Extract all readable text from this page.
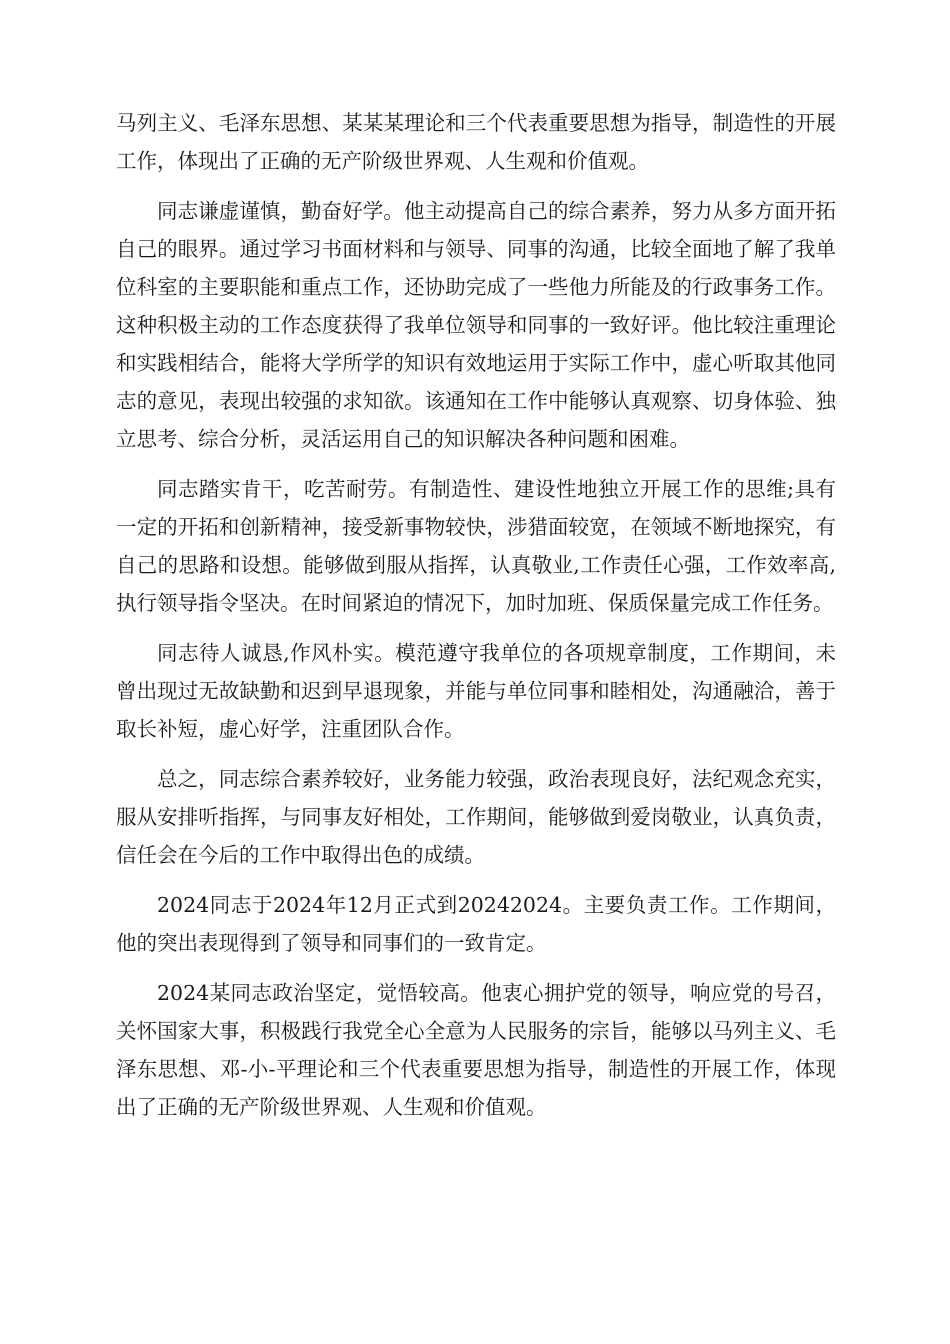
马列主义、毛泽东思想、某某某理论和三个代表重要思想为指导，制造性的开展工作，体现出了正确的无产阶级世界观、人生观和价值观。

同志谦虚谨慎，勤奋好学。他主动提高自己的综合素养，努力从多方面开拓自己的眼界。通过学习书面材料和与领导、同事的沟通，比较全面地了解了我单位科室的主要职能和重点工作，还协助完成了一些他力所能及的行政事务工作。这种积极主动的工作态度获得了我单位领导和同事的一致好评。他比较注重理论和实践相结合，能将大学所学的知识有效地运用于实际工作中，虚心听取其他同志的意见，表现出较强的求知欲。该通知在工作中能够认真观察、切身体验、独立思考、综合分析，灵活运用自己的知识解决各种问题和困难。

同志踏实肯干，吃苦耐劳。有制造性、建设性地独立开展工作的思维;具有一定的开拓和创新精神，接受新事物较快，涉猎面较宽，在领域不断地探究，有自己的思路和设想。能够做到服从指挥，认真敬业,工作责任心强，工作效率高,执行领导指令坚决。在时间紧迫的情况下，加时加班、保质保量完成工作任务。

同志待人诚恳,作风朴实。模范遵守我单位的各项规章制度，工作期间，未曾出现过无故缺勤和迟到早退现象，并能与单位同事和睦相处，沟通融洽，善于取长补短，虚心好学，注重团队合作。

总之，同志综合素养较好，业务能力较强，政治表现良好，法纪观念充实，服从安排听指挥，与同事友好相处，工作期间，能够做到爱岗敬业，认真负责，信任会在今后的工作中取得出色的成绩。

2024同志于2024年12月正式到20242024。主要负责工作。工作期间，他的突出表现得到了领导和同事们的一致肯定。

2024某同志政治坚定，觉悟较高。他衷心拥护党的领导，响应党的号召，关怀国家大事，积极践行我党全心全意为人民服务的宗旨，能够以马列主义、毛泽东思想、邓-小-平理论和三个代表重要思想为指导，制造性的开展工作，体现出了正确的无产阶级世界观、人生观和价值观。
